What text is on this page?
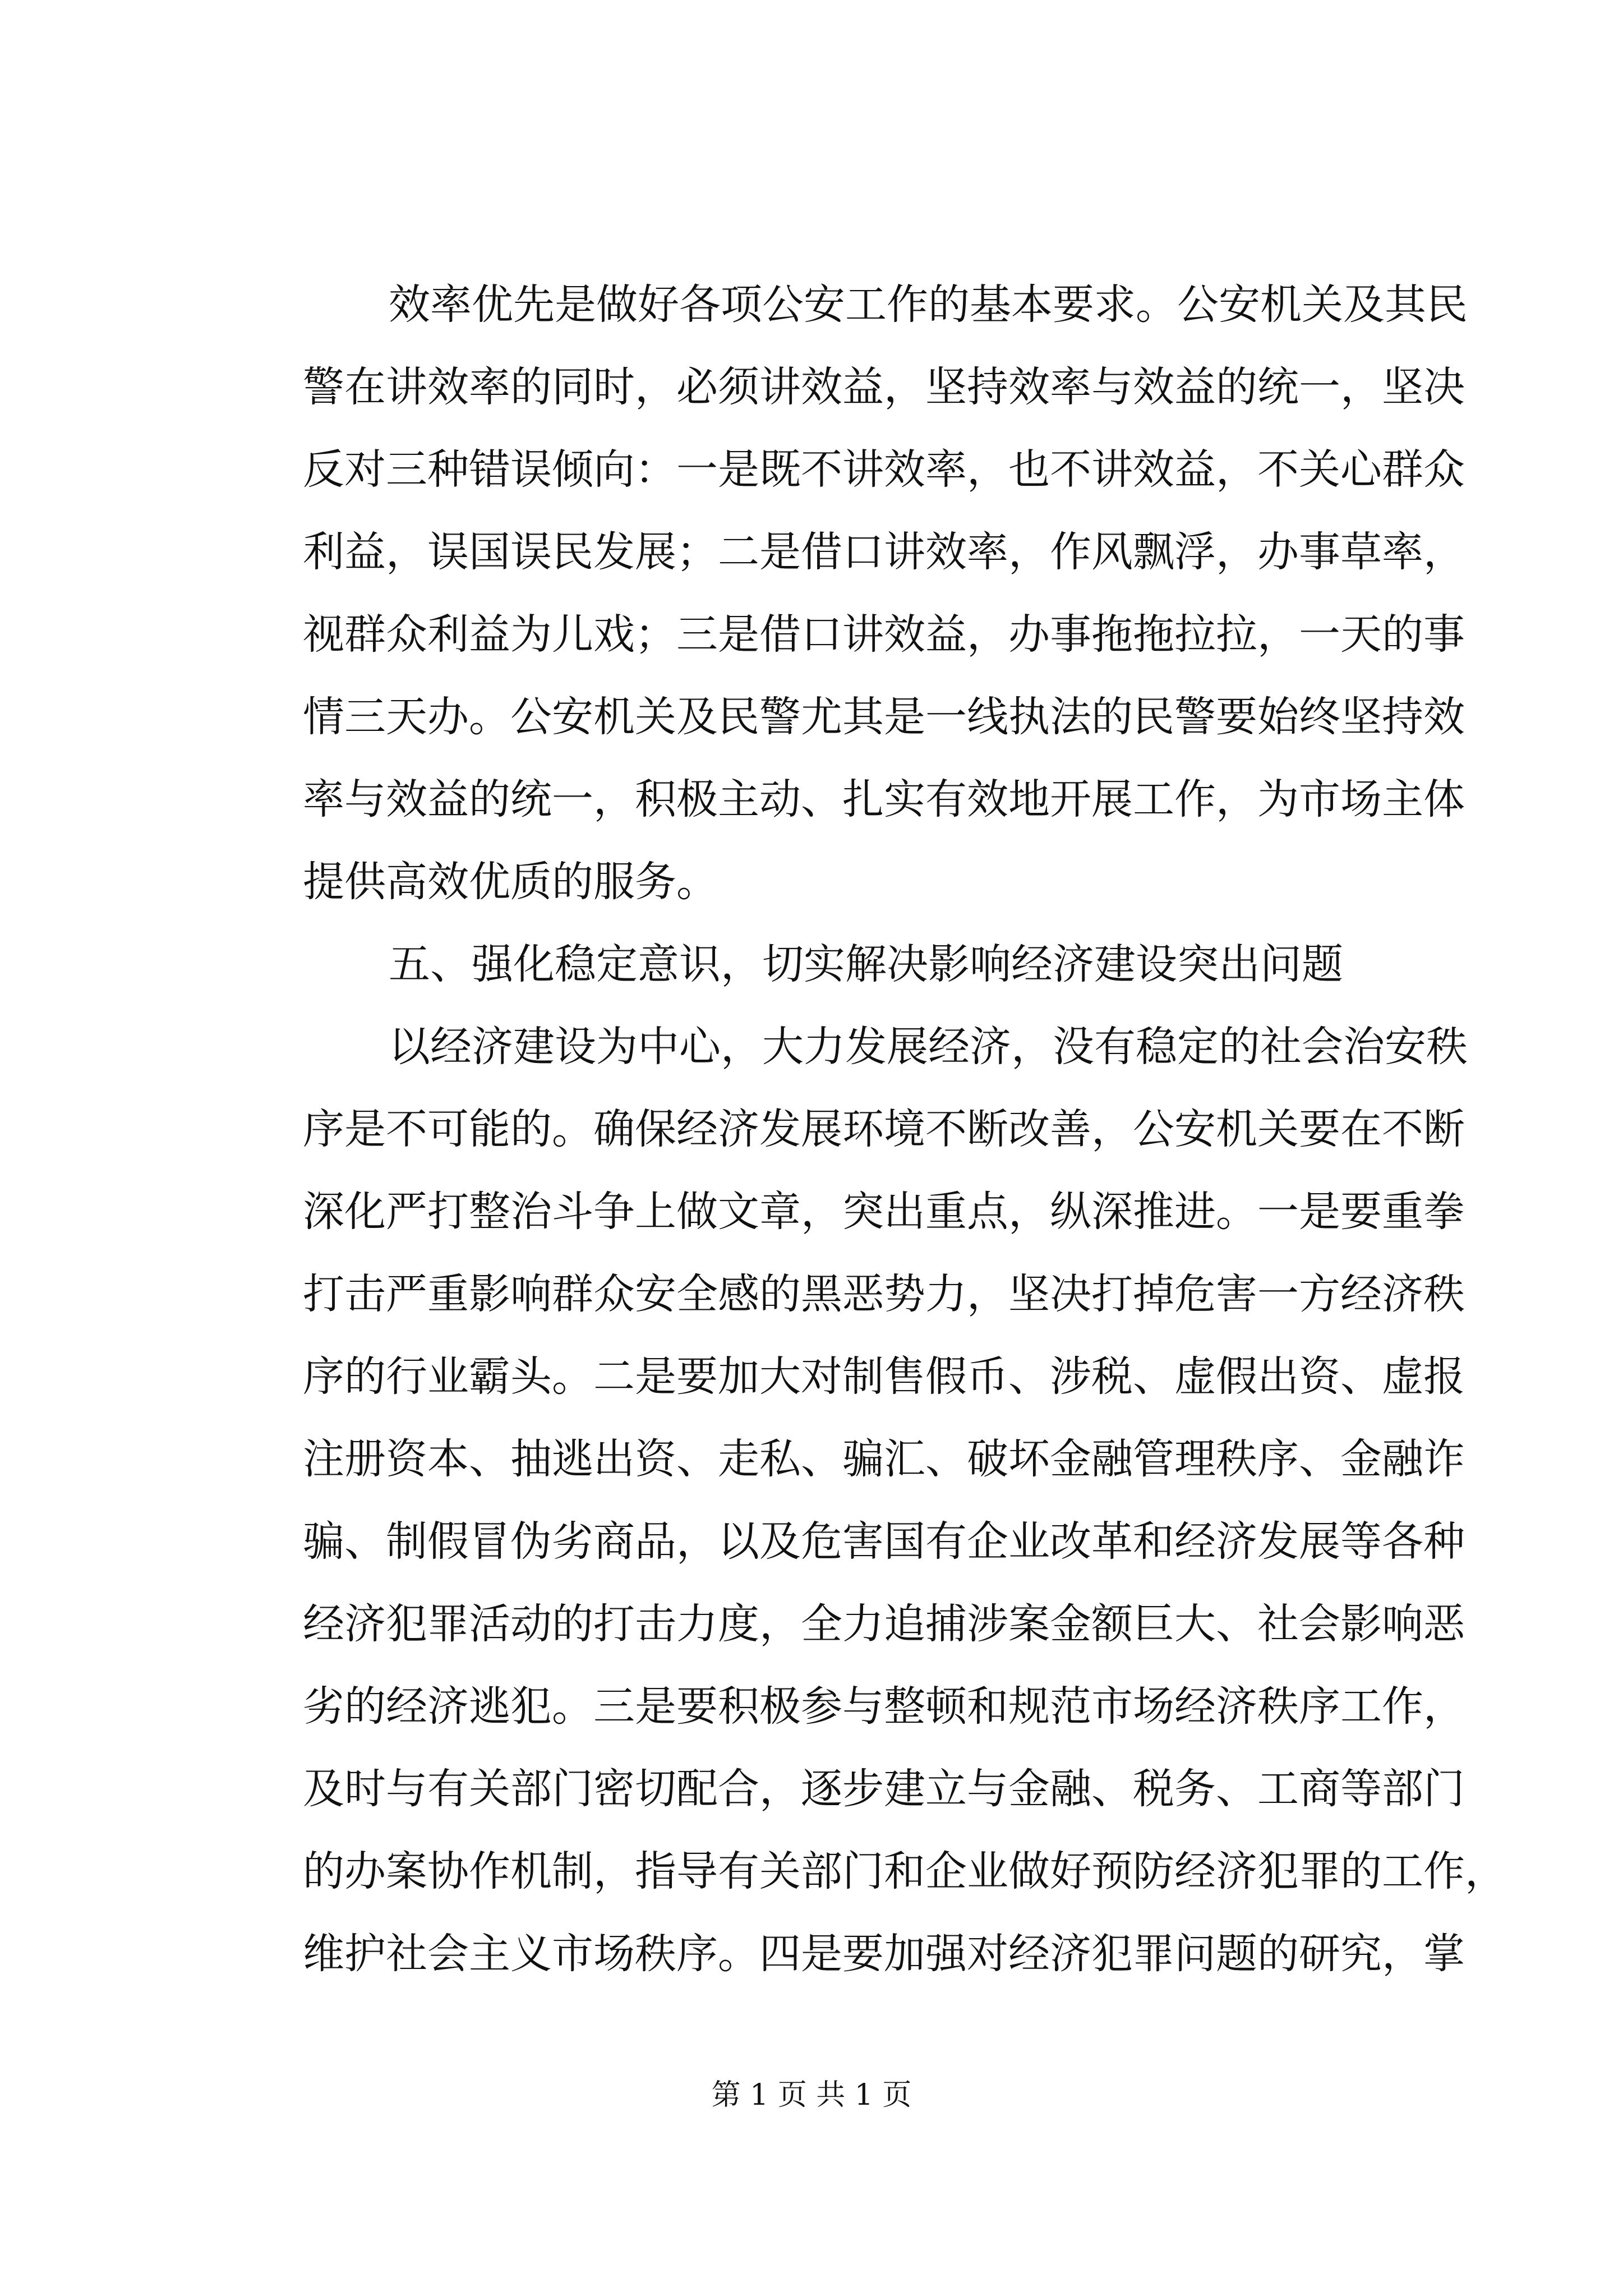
效率优先是做好各项公安工作的基本要求。公安机关及其民
警在讲效率的同时，必须讲效益，坚持效率与效益的统一，坚决
反对三种错误倾向：一是既不讲效率，也不讲效益，不关心群众
利益，误国误民发展；二是借口讲效率，作风飘浮，办事草率，
视群众利益为儿戏；三是借口讲效益，办事拖拖拉拉，一天的事
情三天办。公安机关及民警尤其是一线执法的民警要始终坚持效
率与效益的统一，积极主动、扎实有效地开展工作，为市场主体
提供高效优质的服务。
五、强化稳定意识，切实解决影响经济建设突出问题
以经济建设为中心，大力发展经济，没有稳定的社会治安秩
序是不可能的。确保经济发展环境不断改善，公安机关要在不断
深化严打整治斗争上做文章，突出重点，纵深推进。一是要重拳
打击严重影响群众安全感的黑恶势力，坚决打掉危害一方经济秩
序的行业霸头。二是要加大对制售假币、涉税、虚假出资、虚报
注册资本、抽逃出资、走私、骗汇、破坏金融管理秩序、金融诈
骗、制假冒伪劣商品，以及危害国有企业改革和经济发展等各种
经济犯罪活动的打击力度，全力追捕涉案金额巨大、社会影响恶
劣的经济逃犯。三是要积极参与整顿和规范市场经济秩序工作，
及时与有关部门密切配合，逐步建立与金融、税务、工商等部门
的办案协作机制，指导有关部门和企业做好预防经济犯罪的工作，
维护社会主义市场秩序。四是要加强对经济犯罪问题的研究，掌
第 1 页 共 1 页
